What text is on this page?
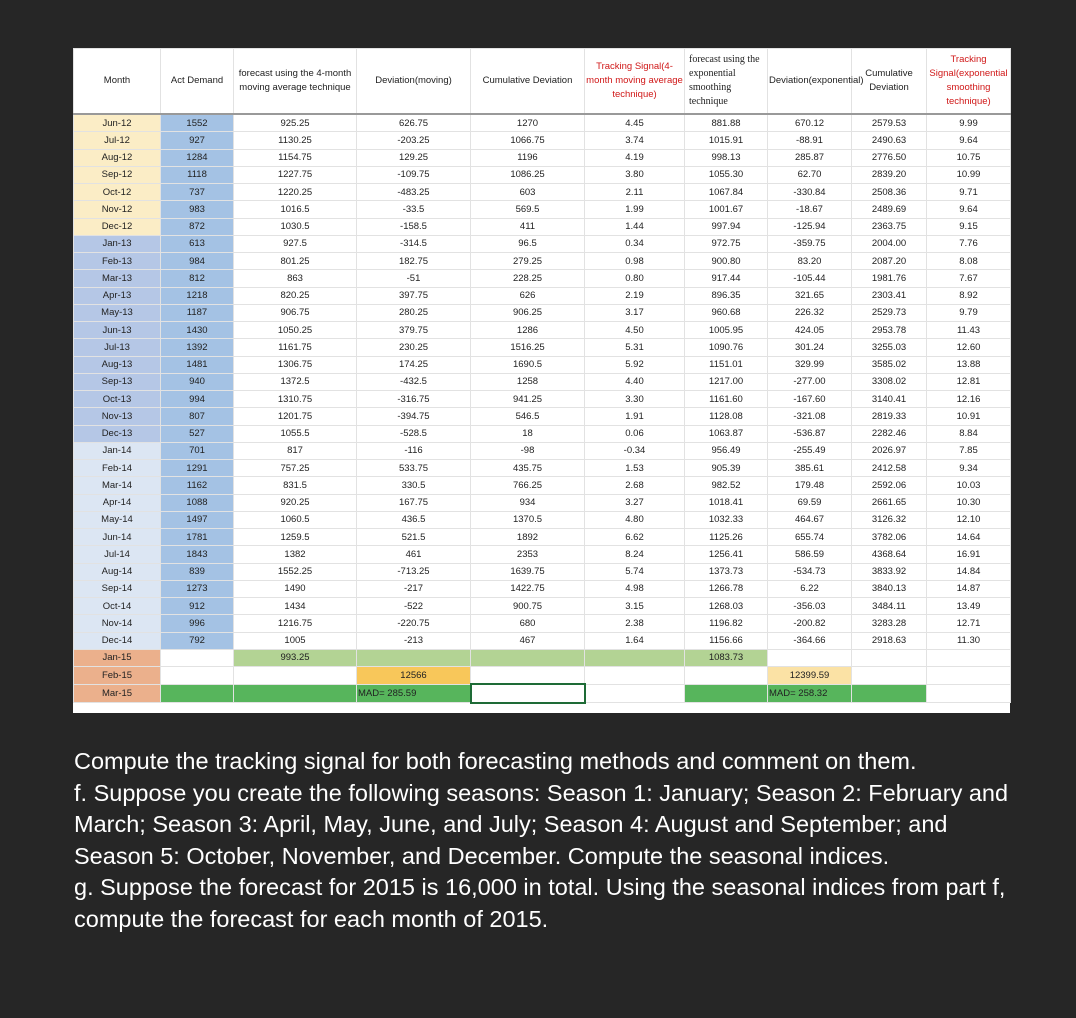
Month	Act Demand	forecast using the 4-month moving average technique	Deviation(moving)	Cumulative Deviation	Tracking Signal(4-month moving average technique)	forecast using the exponential smoothing technique	Deviation(exponential)	Cumulative Deviation	Tracking Signal(exponential smoothing technique)
Jun-12	1552	925.25	626.75	1270	4.45	881.88	670.12	2579.53	9.99
Jul-12	927	1130.25	-203.25	1066.75	3.74	1015.91	-88.91	2490.63	9.64
Aug-12	1284	1154.75	129.25	1196	4.19	998.13	285.87	2776.50	10.75
Sep-12	1118	1227.75	-109.75	1086.25	3.80	1055.30	62.70	2839.20	10.99
Oct-12	737	1220.25	-483.25	603	2.11	1067.84	-330.84	2508.36	9.71
Nov-12	983	1016.5	-33.5	569.5	1.99	1001.67	-18.67	2489.69	9.64
Dec-12	872	1030.5	-158.5	411	1.44	997.94	-125.94	2363.75	9.15
Jan-13	613	927.5	-314.5	96.5	0.34	972.75	-359.75	2004.00	7.76
Feb-13	984	801.25	182.75	279.25	0.98	900.80	83.20	2087.20	8.08
Mar-13	812	863	-51	228.25	0.80	917.44	-105.44	1981.76	7.67
Apr-13	1218	820.25	397.75	626	2.19	896.35	321.65	2303.41	8.92
May-13	1187	906.75	280.25	906.25	3.17	960.68	226.32	2529.73	9.79
Jun-13	1430	1050.25	379.75	1286	4.50	1005.95	424.05	2953.78	11.43
Jul-13	1392	1161.75	230.25	1516.25	5.31	1090.76	301.24	3255.03	12.60
Aug-13	1481	1306.75	174.25	1690.5	5.92	1151.01	329.99	3585.02	13.88
Sep-13	940	1372.5	-432.5	1258	4.40	1217.00	-277.00	3308.02	12.81
Oct-13	994	1310.75	-316.75	941.25	3.30	1161.60	-167.60	3140.41	12.16
Nov-13	807	1201.75	-394.75	546.5	1.91	1128.08	-321.08	2819.33	10.91
Dec-13	527	1055.5	-528.5	18	0.06	1063.87	-536.87	2282.46	8.84
Jan-14	701	817	-116	-98	-0.34	956.49	-255.49	2026.97	7.85
Feb-14	1291	757.25	533.75	435.75	1.53	905.39	385.61	2412.58	9.34
Mar-14	1162	831.5	330.5	766.25	2.68	982.52	179.48	2592.06	10.03
Apr-14	1088	920.25	167.75	934	3.27	1018.41	69.59	2661.65	10.30
May-14	1497	1060.5	436.5	1370.5	4.80	1032.33	464.67	3126.32	12.10
Jun-14	1781	1259.5	521.5	1892	6.62	1125.26	655.74	3782.06	14.64
Jul-14	1843	1382	461	2353	8.24	1256.41	586.59	4368.64	16.91
Aug-14	839	1552.25	-713.25	1639.75	5.74	1373.73	-534.73	3833.92	14.84
Sep-14	1273	1490	-217	1422.75	4.98	1266.78	6.22	3840.13	14.87
Oct-14	912	1434	-522	900.75	3.15	1268.03	-356.03	3484.11	13.49
Nov-14	996	1216.75	-220.75	680	2.38	1196.82	-200.82	3283.28	12.71
Dec-14	792	1005	-213	467	1.64	1156.66	-364.66	2918.63	11.30
Jan-15		993.25				1083.73			
Feb-15			12566				12399.59		
Mar-15			MAD= 285.59				MAD= 258.32		

Compute the tracking signal for both forecasting methods and comment on them.

f. Suppose you create the following seasons: Season 1: January; Season 2: February and March; Season 3: April, May, June, and July; Season 4: August and September; and Season 5: October, November, and December. Compute the seasonal indices.

g. Suppose the forecast for 2015 is 16,000 in total. Using the seasonal indices from part f, compute the forecast for each month of 2015.
